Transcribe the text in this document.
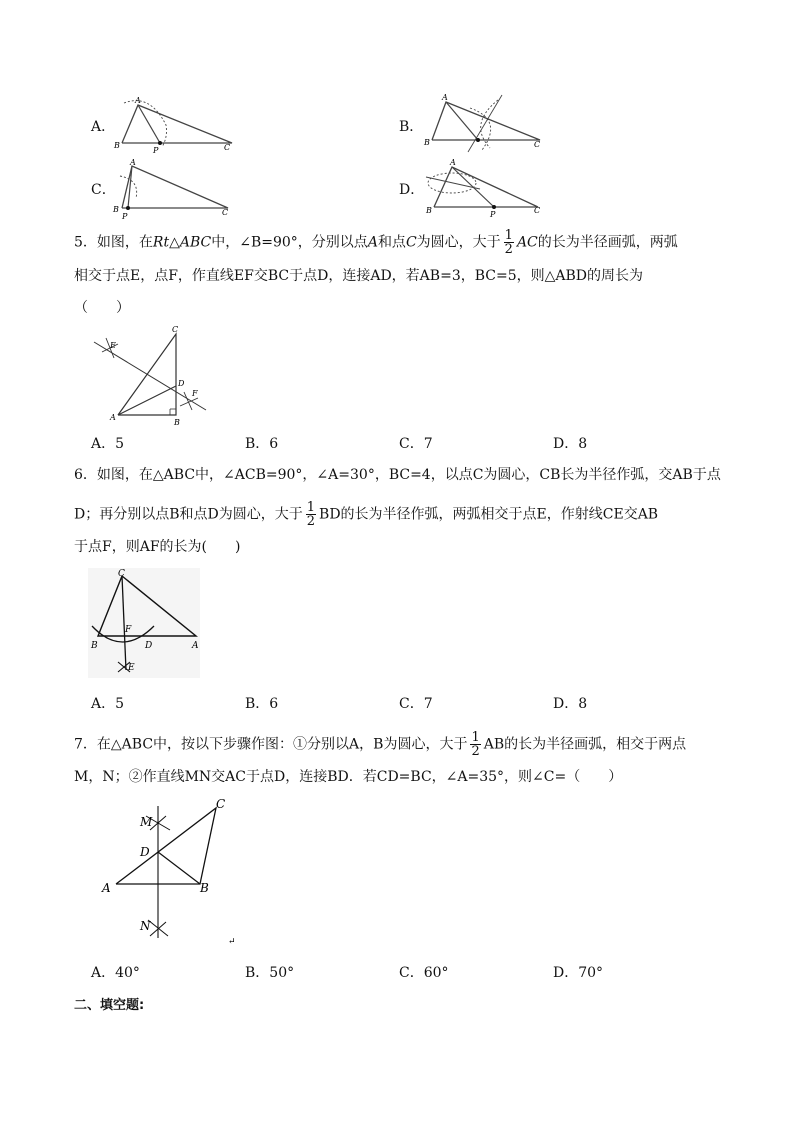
A．
A
B	C
P
B．
A
B	C
C．
A
B	C
P
D．
A
B	C
P
5．如图，在Rt△ABC中，∠B=90°，分别以点A和点C为圆心，大于 $\frac{1}{2}$ AC的长为半径画弧，两弧
相交于点E，点F，作直线EF交BC于点D，连接AD，若AB=3，BC=5，则△ABD的周长为
（　　）
E
C
D
F
A
B
A．5	B．6	C．7	D．8
6．如图，在△ABC中，∠ACB=90°，∠A=30°，BC=4，以点C为圆心，CB长为半径作弧，交AB于点
D；再分别以点B和点D为圆心，大于 $\frac{1}{2}$ BD的长为半径作弧，两弧相交于点E，作射线CE交AB
于点F，则AF的长为(　　)
C
F
B	D	A
E
A．5	B．6	C．7	D．8
7．在△ABC中，按以下步骤作图：①分别以A，B为圆心，大于 $\frac{1}{2}$ AB的长为半径画弧，相交于两点
M，N；②作直线MN交AC于点D，连接BD．若CD=BC，∠A=35°，则∠C=（　　）
C
M
D
A	B
N
↵
A．40°	B．50°	C．60°	D．70°
二、填空题:
